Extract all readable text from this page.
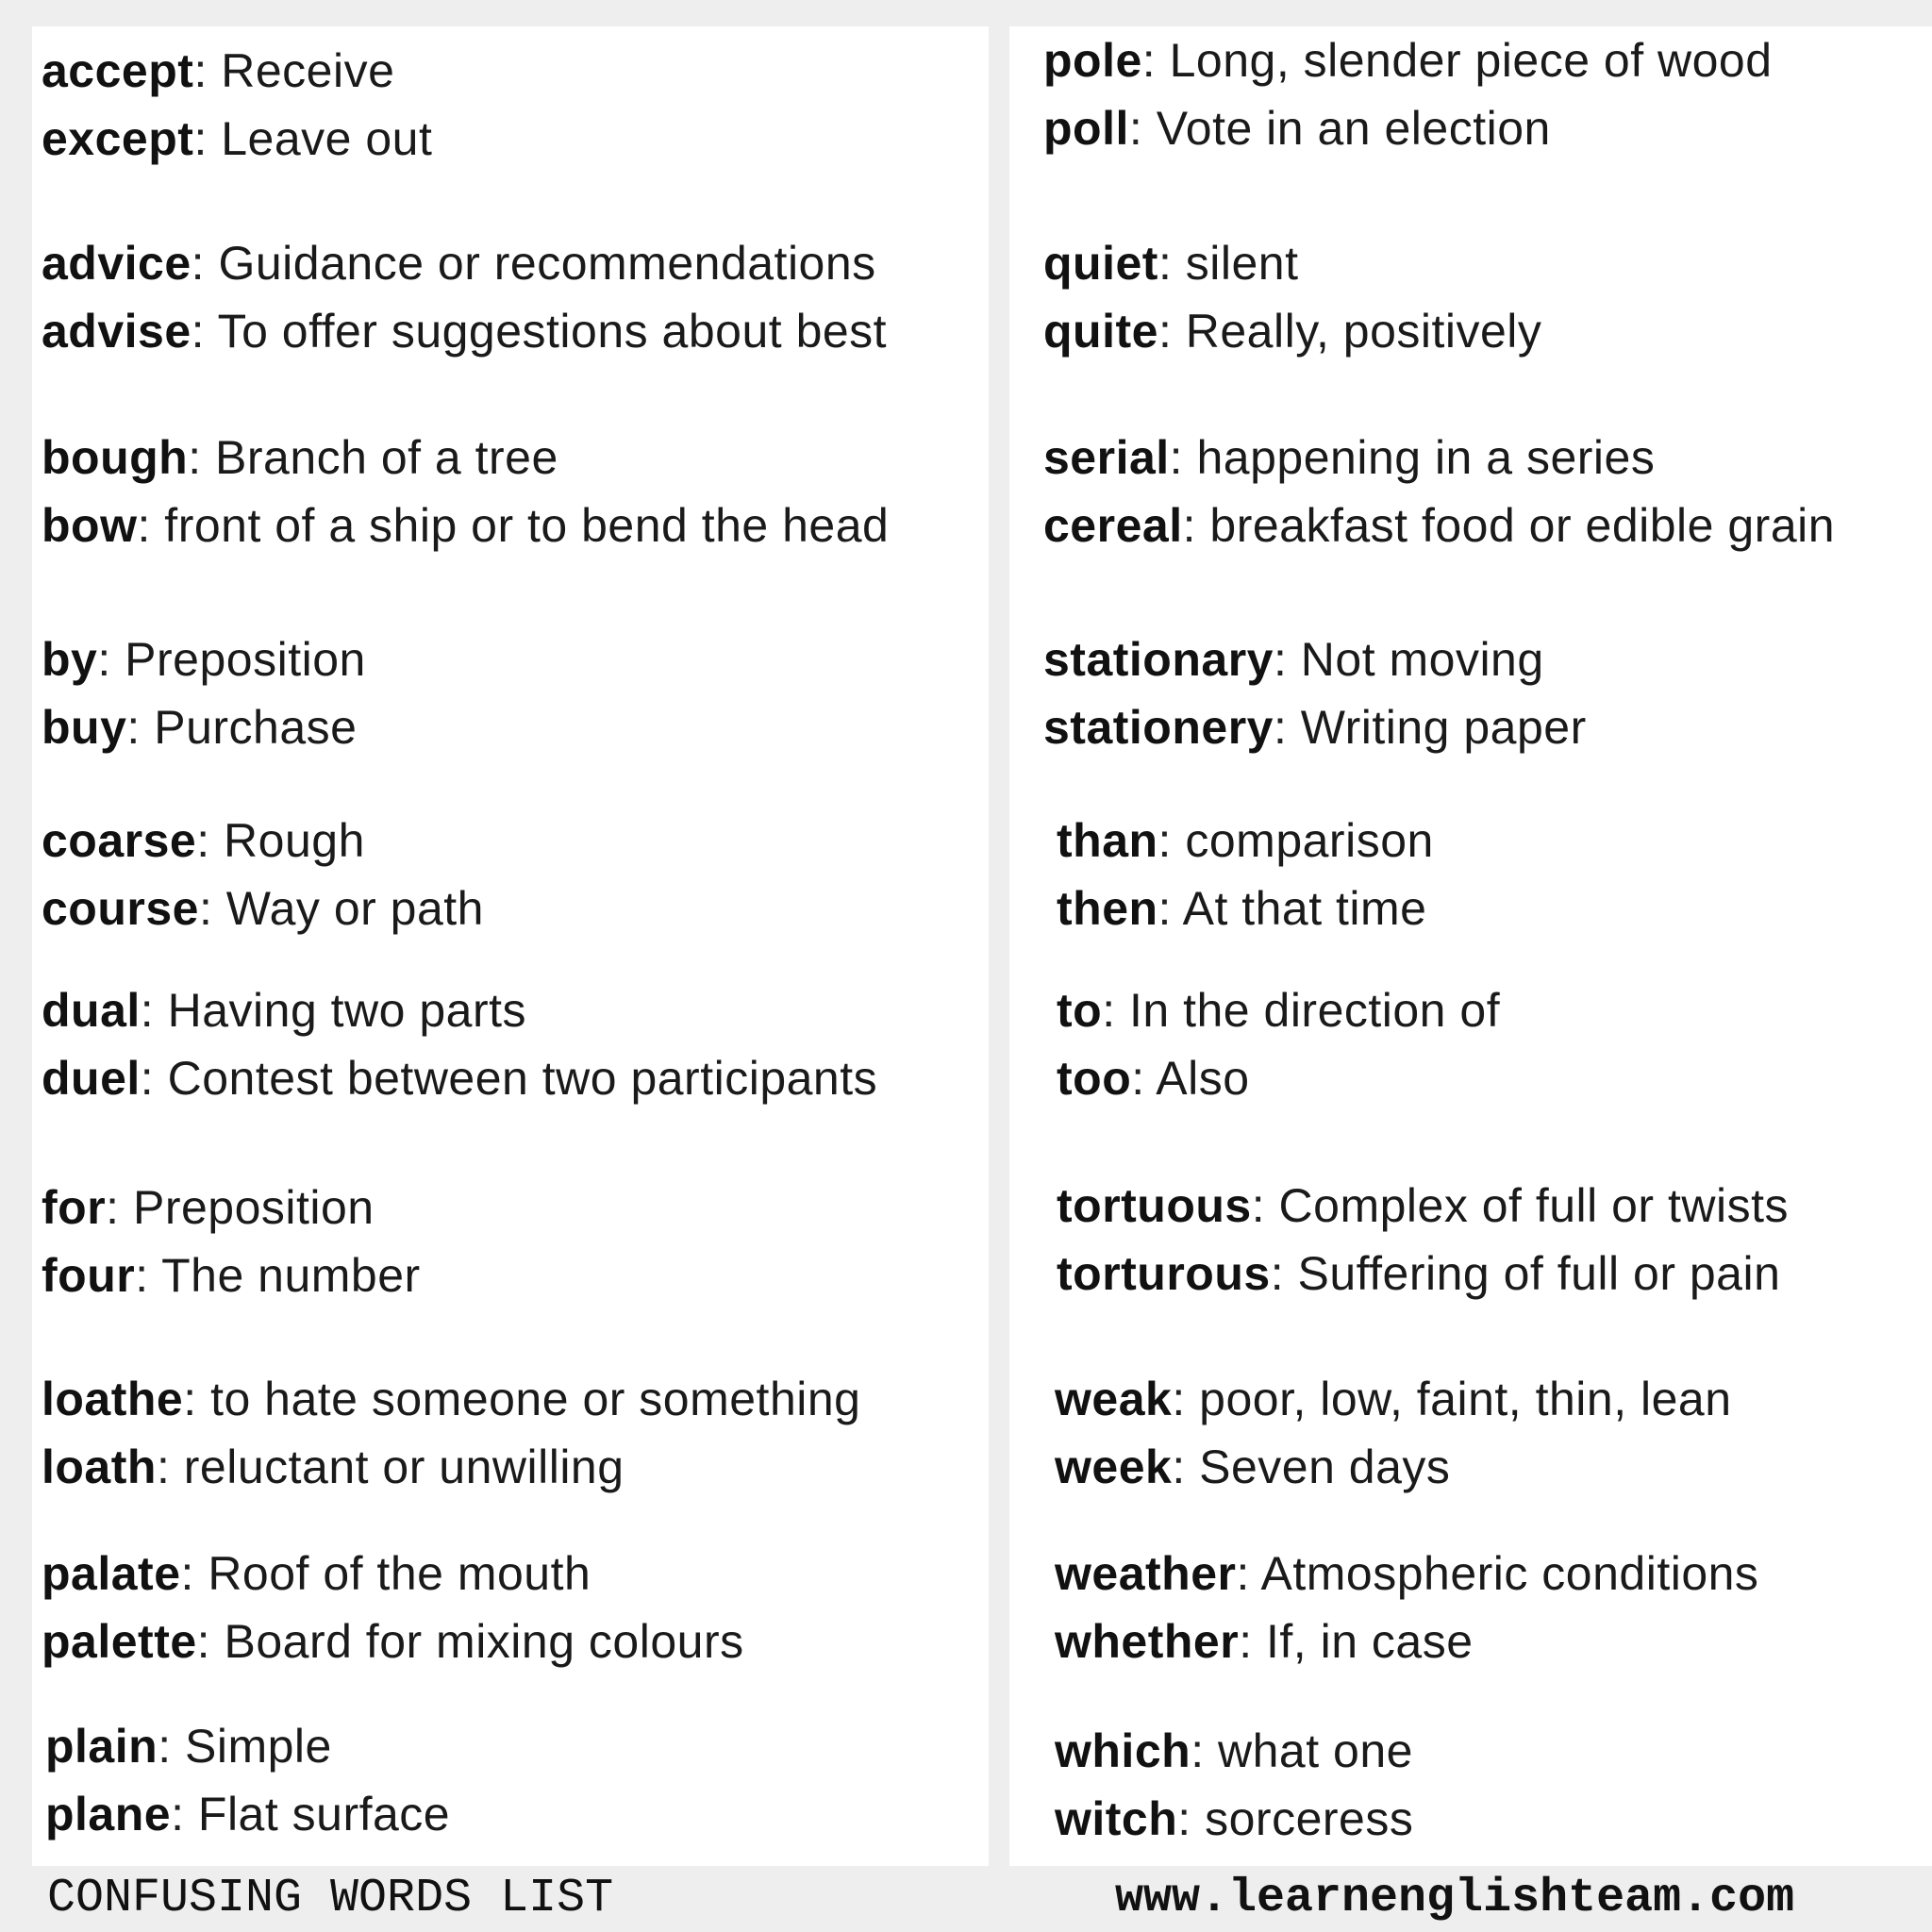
accept: Receive
except: Leave out
advice: Guidance or recommendations
advise: To offer suggestions about best
bough: Branch of a tree
bow: front of a ship or to bend the head
by: Preposition
buy: Purchase
coarse: Rough
course: Way or path
dual: Having two parts
duel: Contest between two participants
for: Preposition
four: The number
loathe: to hate someone or something
loath: reluctant or unwilling
palate: Roof of the mouth
palette: Board for mixing colours
plain: Simple
plane: Flat surface
pole: Long, slender piece of wood
poll: Vote in an election
quiet: silent
quite: Really, positively
serial: happening in a series
cereal: breakfast food or edible grain
stationary: Not moving
stationery: Writing paper
than: comparison
then: At that time
to: In the direction of
too: Also
tortuous: Complex of full or twists
torturous: Suffering of full or pain
weak: poor, low, faint, thin, lean
week: Seven days
weather: Atmospheric conditions
whether: If, in case
which: what one
witch: sorceress
CONFUSING WORDS LIST	www.learnenglishteam.com
